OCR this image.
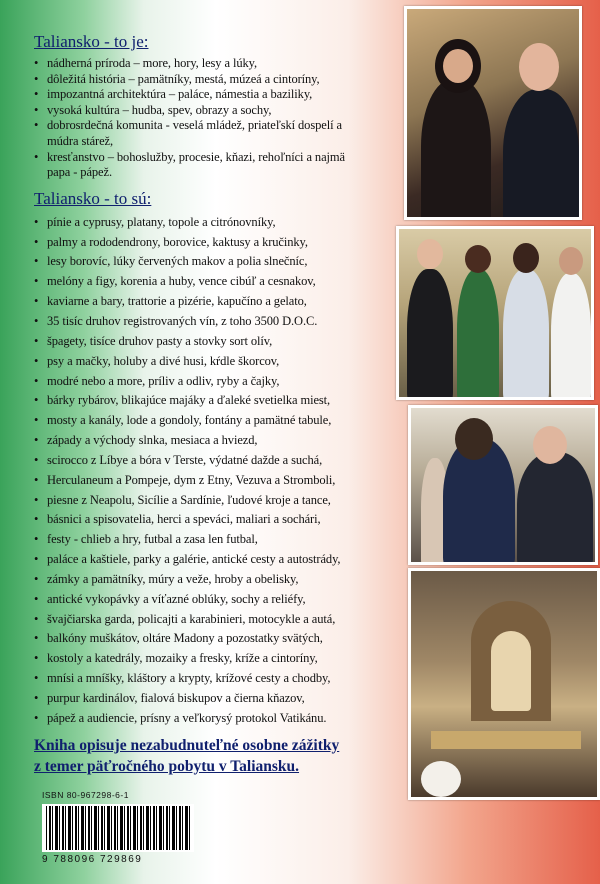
Taliansko - to je:
• nádherná príroda – more, hory, lesy a lúky,
• dôležitá história – pamätníky, mestá, múzeá a cintoríny,
• impozantná architektúra – paláce, námestia a baziliky,
• vysoká kultúra – hudba, spev, obrazy a sochy,
• dobrosrdečná komunita - veselá mládež, priateľskí dospelí a múdra stárež,
• kresťanstvo – bohoslužby, procesie, kňazi, rehoľníci a najmä papa - pápež.
Taliansko - to sú:
• pínie a cyprusy, platany, topole a citrónovníky,
• palmy a rododendrony, borovice, kaktusy a kručinky,
• lesy borovíc, lúky červených makov a polia slnečníc,
• melóny a figy, korenia a huby, vence cibúľ a cesnakov,
• kaviarne a bary, trattorie a pizérie, kapučíno a gelato,
• 35 tisíc druhov registrovaných vín, z toho 3500 D.O.C.
• špagety, tisíce druhov pasty a stovky sort olív,
• psy a mačky, holuby a divé husi, kŕdle škorcov,
• modré nebo a more, príliv a odliv, ryby a čajky,
• bárky rybárov, blikajúce majáky a ďaleké svetielka miest,
• mosty a kanály, lode a gondoly, fontány a pamätné tabule,
• západy a východy slnka, mesiaca a hviezd,
• scirocco z Líbye a bóra v Terste, výdatné dažde a suchá,
• Herculaneum a Pompeje, dym z Etny, Vezuva a Stromboli,
• piesne z Neapolu, Sicílie a Sardínie, ľudové kroje a tance,
• básnici a spisovatelia, herci a speváci, maliari a sochári,
• festy - chlieb a hry, futbal a zasa len futbal,
• paláce a kaštiele, parky a galérie, antické cesty a autostrády,
• zámky a pamätníky, múry a veže, hroby a obelisky,
• antické vykopávky a víťazné oblúky, sochy a reliéfy,
• švajčiarska garda, policajti a karabinieri, motocykle a autá,
• balkóny muškátov, oltáre Madony a pozostatky svätých,
• kostoly a katedrály, mozaiky a fresky, kríže a cintoríny,
• mnísi a mníšky, kláštory a krypty, krížové cesty a chodby,
• purpur kardinálov, fialová biskupov a čierna kňazov,
• pápež a audiencie, prísny a veľkorysý protokol Vatikánu.
Kniha opisuje nezabudnuteľné osobne zážitky
z temer päťročného pobytu v Taliansku.
ISBN 80-967298-6-1
9 788096 729869
